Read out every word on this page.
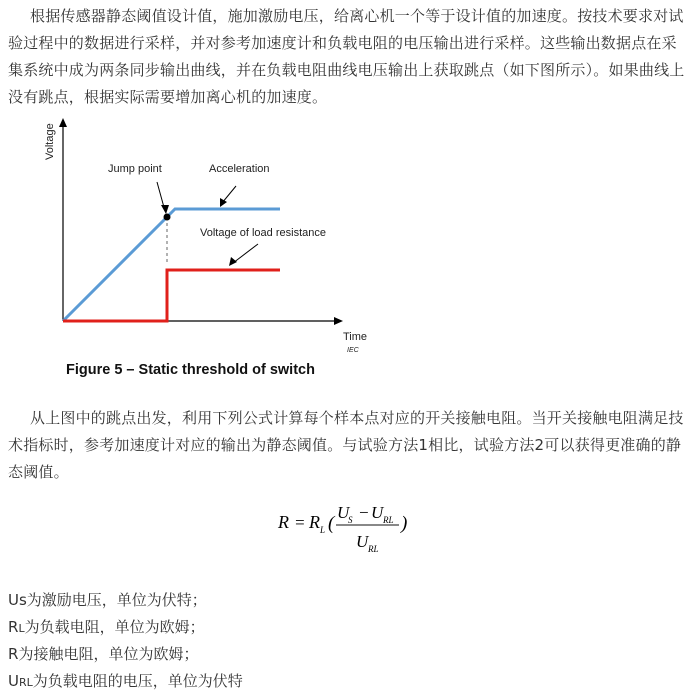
根据传感器静态阈值设计值，施加激励电压，给离心机一个等于设计值的加速度。按技术要求对试验过程中的数据进行采样，并对参考加速度计和负载电阻的电压输出进行采样。这些输出数据点在采集系统中成为两条同步输出曲线，并在负载电阻曲线电压输出上获取跳点（如下图所示）。如果曲线上没有跳点，根据实际需要增加离心机的加速度。

Voltage
Time
IEC
Jump point	Acceleration
Voltage of load resistance
Figure 5 – Static threshold of switch

从上图中的跳点出发，利用下列公式计算每个样本点对应的开关接触电阻。当开关接触电阻满足技术指标时，参考加速度计对应的输出为静态阈值。与试验方法1相比，试验方法2可以获得更准确的静态阈值。

R = R L (
U
S − U RL
U RL
)
Us为激励电压，单位为伏特；
RL为负载电阻，单位为欧姆；
R为接触电阻，单位为欧姆；
URL为负载电阻的电压，单位为伏特
